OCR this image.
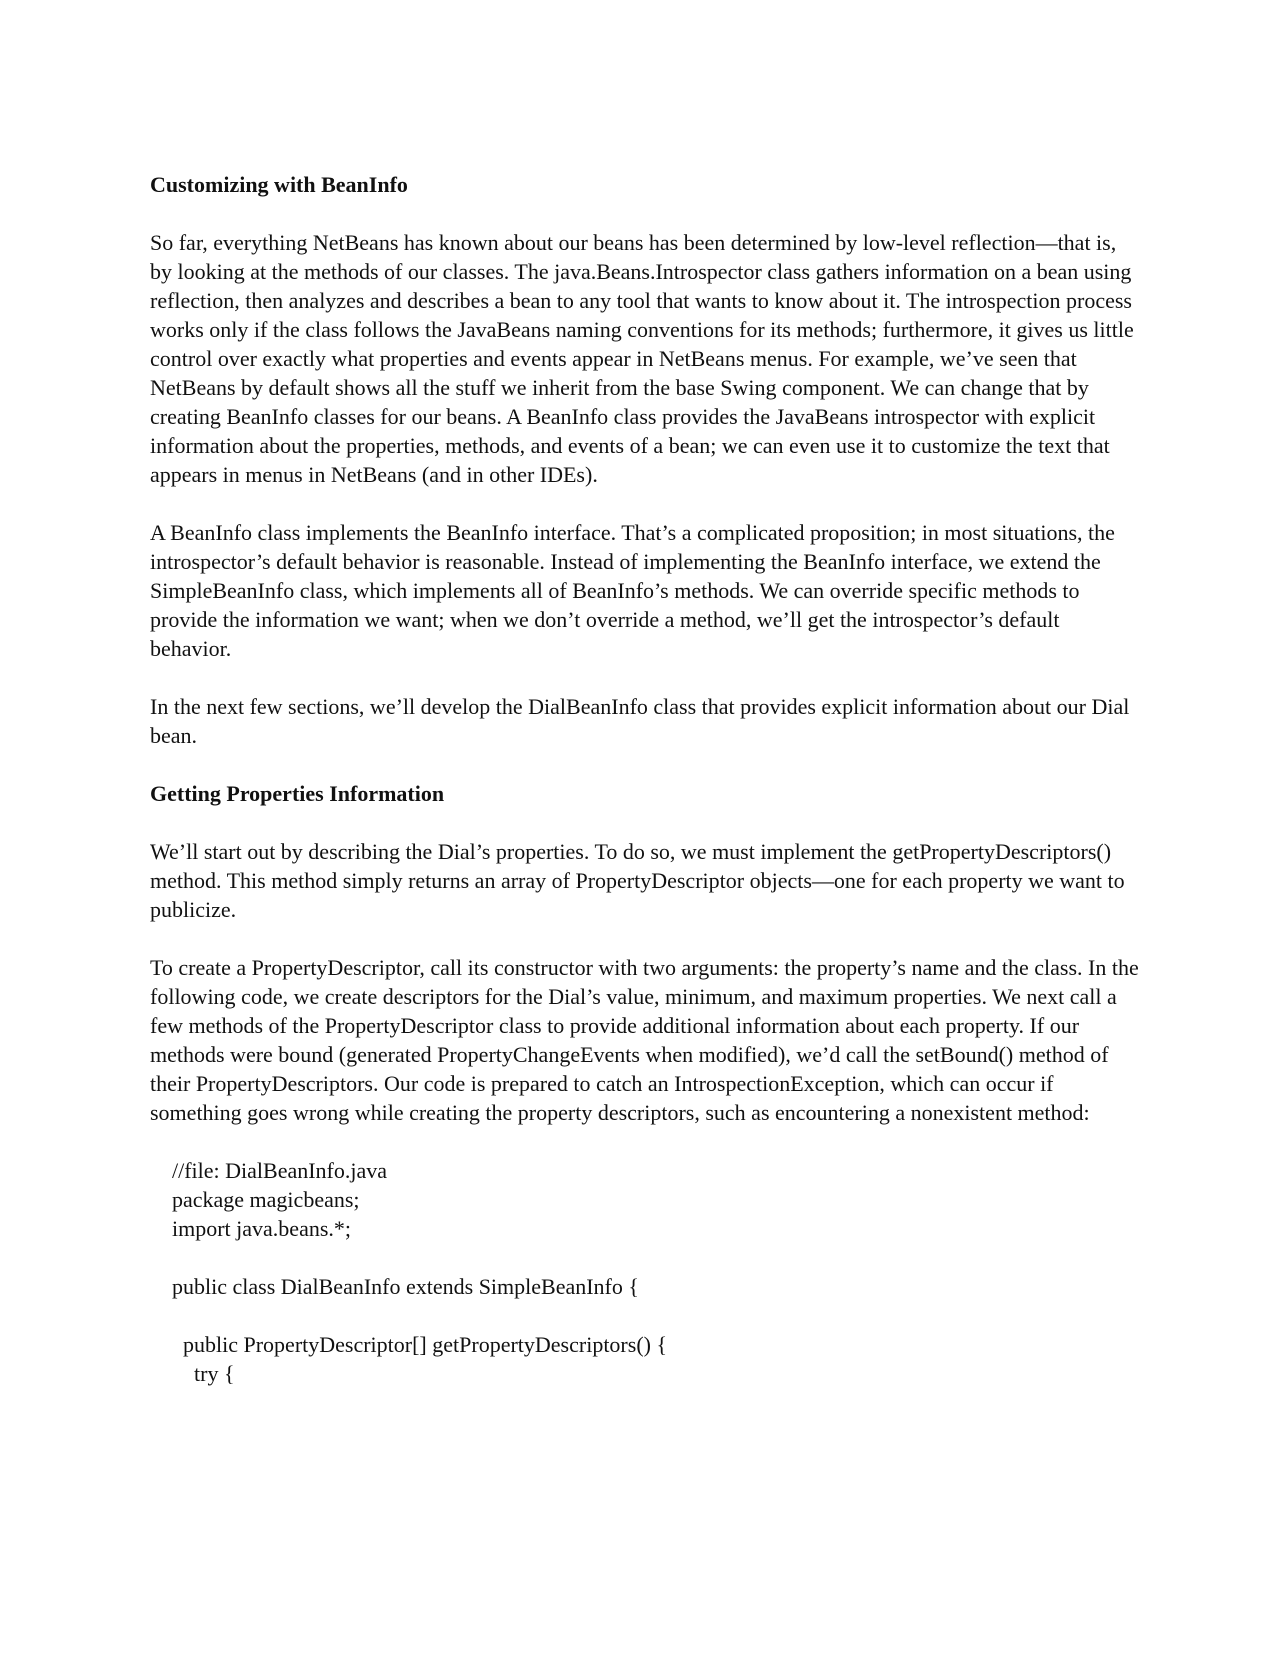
Customizing with BeanInfo

So far, everything NetBeans has known about our beans has been determined by low-level reflection—that is, by looking at the methods of our classes. The java.Beans.Introspector class gathers information on a bean using reflection, then analyzes and describes a bean to any tool that wants to know about it. The introspection process works only if the class follows the JavaBeans naming conventions for its methods; furthermore, it gives us little control over exactly what properties and events appear in NetBeans menus. For example, we’ve seen that NetBeans by default shows all the stuff we inherit from the base Swing component. We can change that by creating BeanInfo classes for our beans. A BeanInfo class provides the JavaBeans introspector with explicit information about the properties, methods, and events of a bean; we can even use it to customize the text that appears in menus in NetBeans (and in other IDEs).

A BeanInfo class implements the BeanInfo interface. That’s a complicated proposition; in most situations, the introspector’s default behavior is reasonable. Instead of implementing the BeanInfo interface, we extend the SimpleBeanInfo class, which implements all of BeanInfo’s methods. We can override specific methods to provide the information we want; when we don’t override a method, we’ll get the introspector’s default behavior.

In the next few sections, we’ll develop the DialBeanInfo class that provides explicit information about our Dial bean.

Getting Properties Information

We’ll start out by describing the Dial’s properties. To do so, we must implement the getPropertyDescriptors() method. This method simply returns an array of PropertyDescriptor objects—one for each property we want to publicize.

To create a PropertyDescriptor, call its constructor with two arguments: the property’s name and the class. In the following code, we create descriptors for the Dial’s value, minimum, and maximum properties. We next call a few methods of the PropertyDescriptor class to provide additional information about each property. If our methods were bound (generated PropertyChangeEvents when modified), we’d call the setBound() method of their PropertyDescriptors. Our code is prepared to catch an IntrospectionException, which can occur if something goes wrong while creating the property descriptors, such as encountering a nonexistent method:

//file: DialBeanInfo.java
package magicbeans;
import java.beans.*;

public class DialBeanInfo extends SimpleBeanInfo {

public PropertyDescriptor[] getPropertyDescriptors() {
try {
